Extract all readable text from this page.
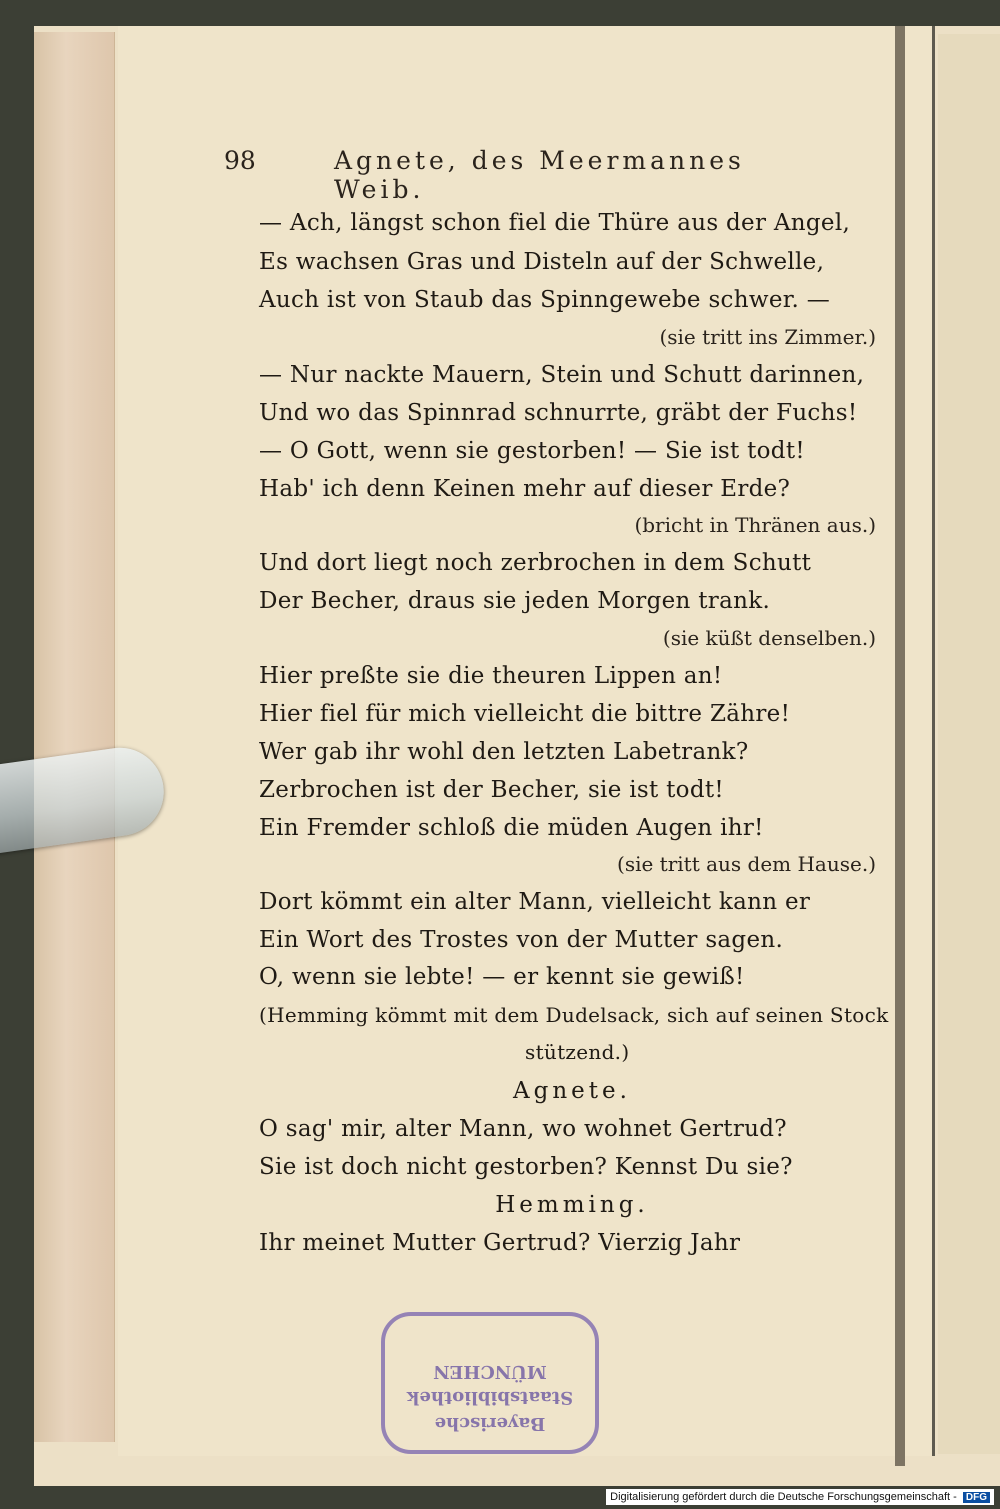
98	Agnete, des Meermannes Weib.
— Ach, längst schon fiel die Thüre aus der Angel,
Es wachsen Gras und Disteln auf der Schwelle,
Auch ist von Staub das Spinngewebe schwer. —
(sie tritt ins Zimmer.)
— Nur nackte Mauern, Stein und Schutt darinnen,
Und wo das Spinnrad schnurrte, gräbt der Fuchs!
— O Gott, wenn sie gestorben! — Sie ist todt!
Hab' ich denn Keinen mehr auf dieser Erde?
(bricht in Thränen aus.)
Und dort liegt noch zerbrochen in dem Schutt
Der Becher, draus sie jeden Morgen trank.
(sie küßt denselben.)
Hier preßte sie die theuren Lippen an!
Hier fiel für mich vielleicht die bittre Zähre!
Wer gab ihr wohl den letzten Labetrank?
Zerbrochen ist der Becher, sie ist todt!
Ein Fremder schloß die müden Augen ihr!
(sie tritt aus dem Hause.)
Dort kömmt ein alter Mann, vielleicht kann er
Ein Wort des Trostes von der Mutter sagen.
O, wenn sie lebte! — er kennt sie gewiß!
(Hemming kömmt mit dem Dudelsack, sich auf seinen Stock
stützend.)
Agnete.
O sag' mir, alter Mann, wo wohnet Gertrud?
Sie ist doch nicht gestorben? Kennst Du sie?
Hemming.
Ihr meinet Mutter Gertrud? Vierzig Jahr
Bayerische
Staatsbibliothek
MÜNCHEN
Digitalisierung gefördert durch die Deutsche Forschungsgemeinschaft - DFG
